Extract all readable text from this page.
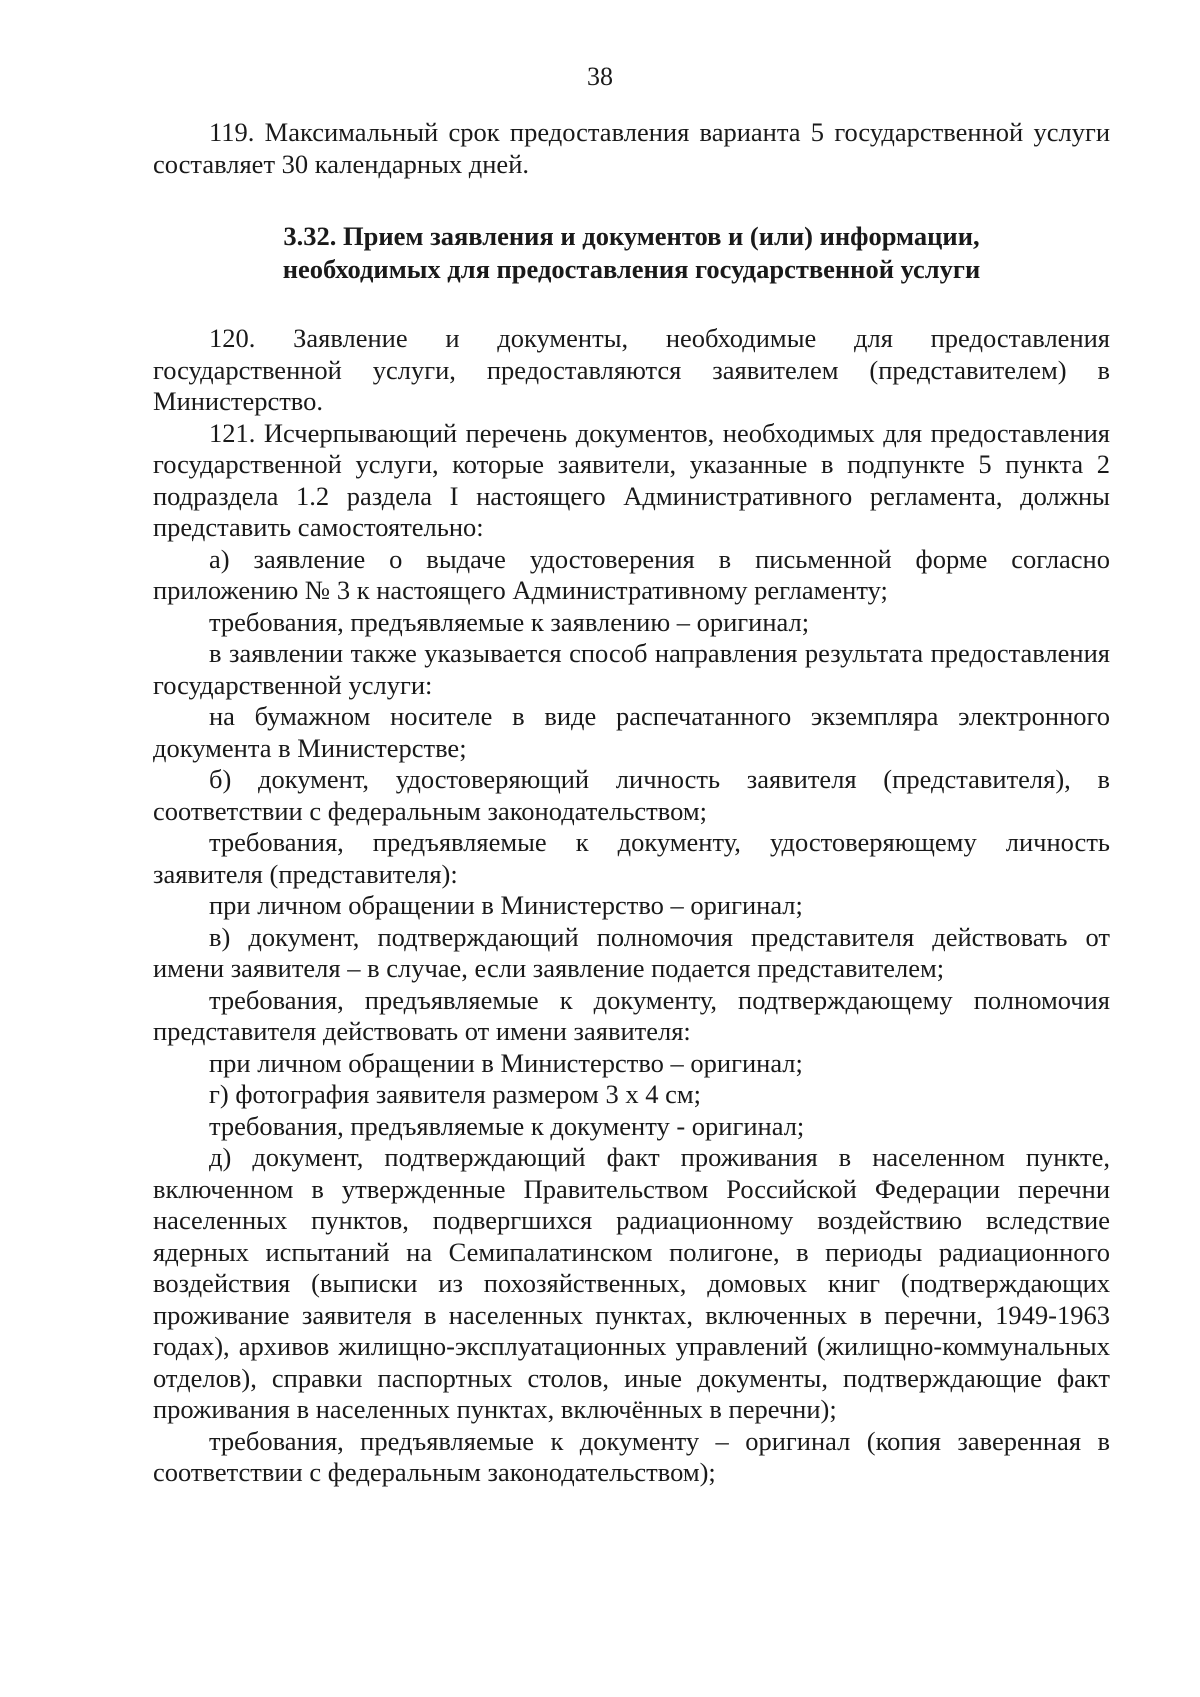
38

119. Максимальный срок предоставления варианта 5 государственной услуги составляет 30 календарных дней.

3.32. Прием заявления и документов и (или) информации,
необходимых для предоставления государственной услуги

120. Заявление и документы, необходимые для предоставления государственной услуги, предоставляются заявителем (представителем) в Министерство.

121. Исчерпывающий перечень документов, необходимых для предоставления государственной услуги, которые заявители, указанные в подпункте 5 пункта 2 подраздела 1.2 раздела I настоящего Административного регламента, должны представить самостоятельно:

а) заявление о выдаче удостоверения в письменной форме согласно приложению № 3 к настоящего Административному регламенту;

требования, предъявляемые к заявлению – оригинал;

в заявлении также указывается способ направления результата предоставления государственной услуги:

на бумажном носителе в виде распечатанного экземпляра электронного документа в Министерстве;

б) документ, удостоверяющий личность заявителя (представителя), в соответствии с федеральным законодательством;

требования, предъявляемые к документу, удостоверяющему личность заявителя (представителя):

при личном обращении в Министерство – оригинал;

в) документ, подтверждающий полномочия представителя действовать от имени заявителя – в случае, если заявление подается представителем;

требования, предъявляемые к документу, подтверждающему полномочия представителя действовать от имени заявителя:

при личном обращении в Министерство – оригинал;

г) фотография заявителя размером 3 x 4 см;

требования, предъявляемые к документу - оригинал;

д) документ, подтверждающий факт проживания в населенном пункте, включенном в утвержденные Правительством Российской Федерации перечни населенных пунктов, подвергшихся радиационному воздействию вследствие ядерных испытаний на Семипалатинском полигоне, в периоды радиационного воздействия (выписки из похозяйственных, домовых книг (подтверждающих проживание заявителя в населенных пунктах, включенных в перечни, 1949-1963 годах), архивов жилищно-эксплуатационных управлений (жилищно-коммунальных отделов), справки паспортных столов, иные документы, подтверждающие факт проживания в населенных пунктах, включённых в перечни);

требования, предъявляемые к документу – оригинал (копия заверенная в соответствии с федеральным законодательством);
